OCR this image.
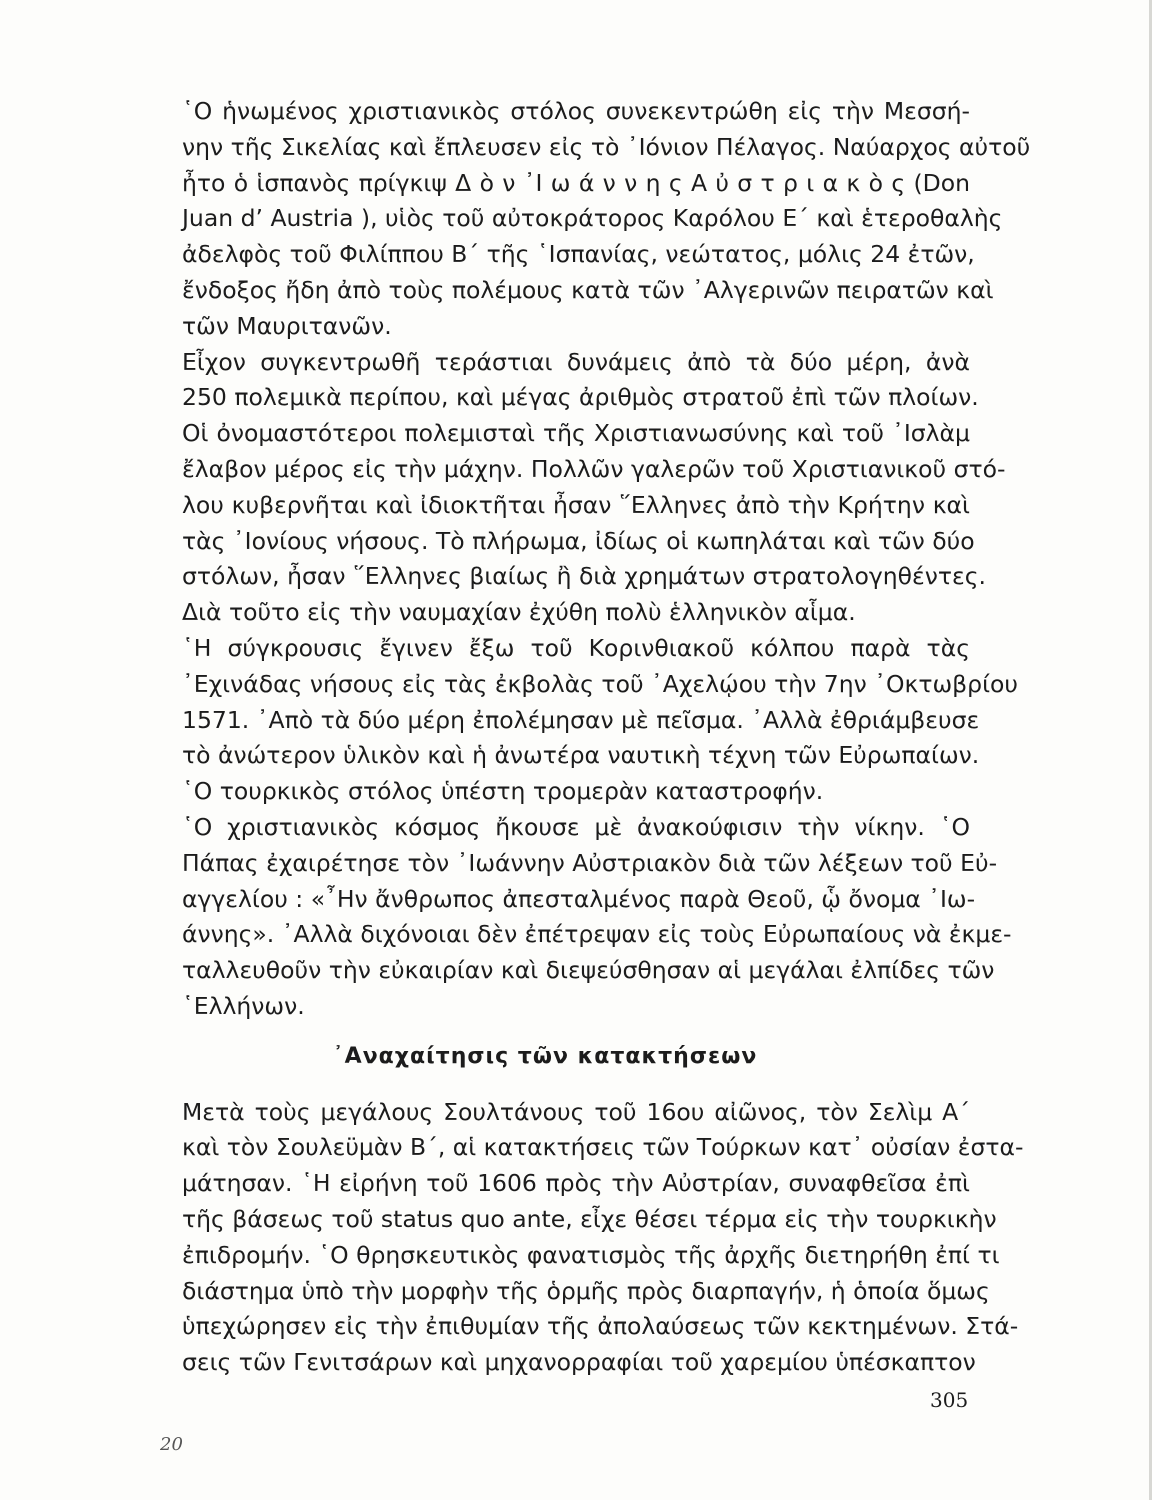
῾Ο ἡνωμένος χριστιανικὸς στόλος συνεκεντρώθη εἰς τὴν Μεσσή-
νην τῆς Σικελίας καὶ ἔπλευσεν εἰς τὸ ᾿Ιόνιον Πέλαγος. Ναύαρχος αὐτοῦ
ἦτο ὁ ἱσπανὸς πρίγκιψ Δ ὸ ν ᾿Ι ω ά ν ν η ς Α ὐ σ τ ρ ι α κ ὸ ς (Don
Juan d’ Austria ), υἱὸς τοῦ αὐτοκράτορος Καρόλου Ε΄ καὶ ἑτεροθαλὴς
ἀδελφὸς τοῦ Φιλίππου Β΄ τῆς ῾Ισπανίας, νεώτατος, μόλις 24 ἐτῶν,
ἔνδοξος ἤδη ἀπὸ τοὺς πολέμους κατὰ τῶν ᾿Αλγερινῶν πειρατῶν καὶ
τῶν Μαυριτανῶν.

Εἶχον συγκεντρωθῆ τεράστιαι δυνάμεις ἀπὸ τὰ δύο μέρη, ἀνὰ
250 πολεμικὰ περίπου, καὶ μέγας ἀριθμὸς στρατοῦ ἐπὶ τῶν πλοίων.
Οἱ ὀνομαστότεροι πολεμισταὶ τῆς Χριστιανωσύνης καὶ τοῦ ᾿Ισλὰμ
ἔλαβον μέρος εἰς τὴν μάχην. Πολλῶν γαλερῶν τοῦ Χριστιανικοῦ στό-
λου κυβερνῆται καὶ ἰδιοκτῆται ἦσαν ῞Ελληνες ἀπὸ τὴν Κρήτην καὶ
τὰς ᾿Ιονίους νήσους. Τὸ πλήρωμα, ἰδίως οἱ κωπηλάται καὶ τῶν δύο
στόλων, ἦσαν ῞Ελληνες βιαίως ἢ διὰ χρημάτων στρατολογηθέντες.
Διὰ τοῦτο εἰς τὴν ναυμαχίαν ἐχύθη πολὺ ἑλληνικὸν αἷμα.

῾Η σύγκρουσις ἔγινεν ἔξω τοῦ Κορινθιακοῦ κόλπου παρὰ τὰς
᾿Εχινάδας νήσους εἰς τὰς ἐκβολὰς τοῦ ᾿Αχελῴου τὴν 7ην ᾿Οκτωβρίου
1571. ᾿Απὸ τὰ δύο μέρη ἐπολέμησαν μὲ πεῖσμα. ᾿Αλλὰ ἐθριάμβευσε
τὸ ἀνώτερον ὑλικὸν καὶ ἡ ἀνωτέρα ναυτικὴ τέχνη τῶν Εὐρωπαίων.
῾Ο τουρκικὸς στόλος ὑπέστη τρομερὰν καταστροφήν.

῾Ο χριστιανικὸς κόσμος ἤκουσε μὲ ἀνακούφισιν τὴν νίκην. ῾Ο
Πάπας ἐχαιρέτησε τὸν ᾿Ιωάννην Αὐστριακὸν διὰ τῶν λέξεων τοῦ Εὐ-
αγγελίου : «῏Ην ἄνθρωπος ἀπεσταλμένος παρὰ Θεοῦ, ᾧ ὄνομα ᾿Ιω-
άννης». ᾿Αλλὰ διχόνοιαι δὲν ἐπέτρεψαν εἰς τοὺς Εὐρωπαίους νὰ ἐκμε-
ταλλευθοῦν τὴν εὐκαιρίαν καὶ διεψεύσθησαν αἱ μεγάλαι ἐλπίδες τῶν
῾Ελλήνων.

᾿Αναχαίτησις τῶν κατακτήσεων

Μετὰ τοὺς μεγάλους Σουλτάνους τοῦ 16ου αἰῶνος, τὸν Σελὶμ Α΄
καὶ τὸν Σουλεϋμὰν Β΄, αἱ κατακτήσεις τῶν Τούρκων κατ᾿ οὐσίαν ἐστα-
μάτησαν. ῾Η εἰρήνη τοῦ 1606 πρὸς τὴν Αὐστρίαν, συναφθεῖσα ἐπὶ
τῆς βάσεως τοῦ status quo ante, εἶχε θέσει τέρμα εἰς τὴν τουρκικὴν
ἐπιδρομήν. ῾Ο θρησκευτικὸς φανατισμὸς τῆς ἀρχῆς διετηρήθη ἐπί τι
διάστημα ὑπὸ τὴν μορφὴν τῆς ὁρμῆς πρὸς διαρπαγήν, ἡ ὁποία ὅμως
ὑπεχώρησεν εἰς τὴν ἐπιθυμίαν τῆς ἀπολαύσεως τῶν κεκτημένων. Στά-
σεις τῶν Γενιτσάρων καὶ μηχανορραφίαι τοῦ χαρεμίου ὑπέσκαπτον

305
20
